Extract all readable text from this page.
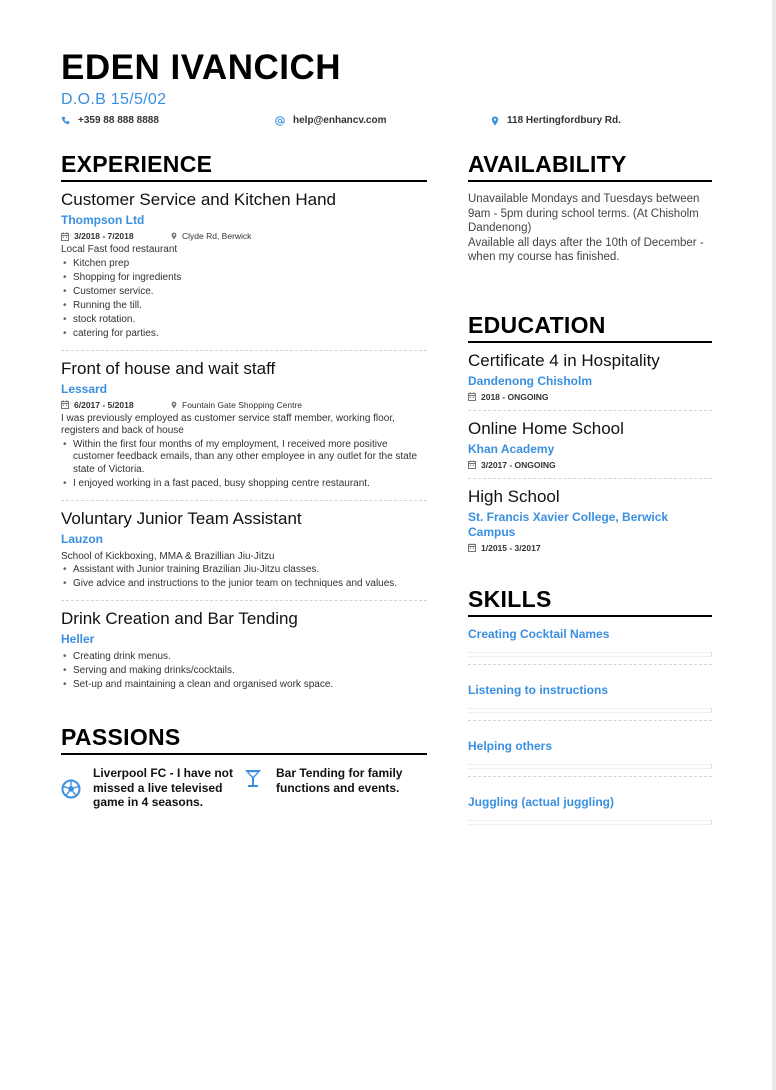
EDEN IVANCICH
D.O.B 15/5/02
+359 88 888 8888	help@enhancv.com	118 Hertingfordbury Rd.
EXPERIENCE
Customer Service and Kitchen Hand
Thompson Ltd
3/2018 - 7/2018	Clyde Rd, Berwick
Local Fast food restaurant
• Kitchen prep
• Shopping for ingredients
• Customer service.
• Running the till.
• stock rotation.
• catering for parties.
Front of house and wait staff
Lessard
6/2017 - 5/2018	Fountain Gate Shopping Centre
I was previously employed as customer service staff member, working floor, registers and back of house
• Within the first four months of my employment, I received more positive customer feedback emails, than any other employee in any outlet for the state state of Victoria.
• I enjoyed working in a fast paced, busy shopping centre restaurant.
Voluntary Junior Team Assistant
Lauzon
School of Kickboxing, MMA & Brazillian Jiu-Jitzu
• Assistant with Junior training Brazilian Jiu-Jitzu classes.
• Give advice and instructions to the junior team on techniques and values.
Drink Creation and Bar Tending
Heller
• Creating drink menus.
• Serving and making drinks/cocktails.
• Set-up and maintaining a clean and organised work space.
PASSIONS
Liverpool FC - I have not missed a live televised game in 4 seasons.
Bar Tending for family functions and events.
AVAILABILITY
Unavailable Mondays and Tuesdays between 9am - 5pm during school terms. (At Chisholm Dandenong)
Available all days after the 10th of December - when my course has finished.
EDUCATION
Certificate 4 in Hospitality
Dandenong Chisholm
2018 - ONGOING
Online Home School
Khan Academy
3/2017 - ONGOING
High School
St. Francis Xavier College, Berwick Campus
1/2015 - 3/2017
SKILLS
Creating Cocktail Names
Listening to instructions
Helping others
Juggling (actual juggling)
